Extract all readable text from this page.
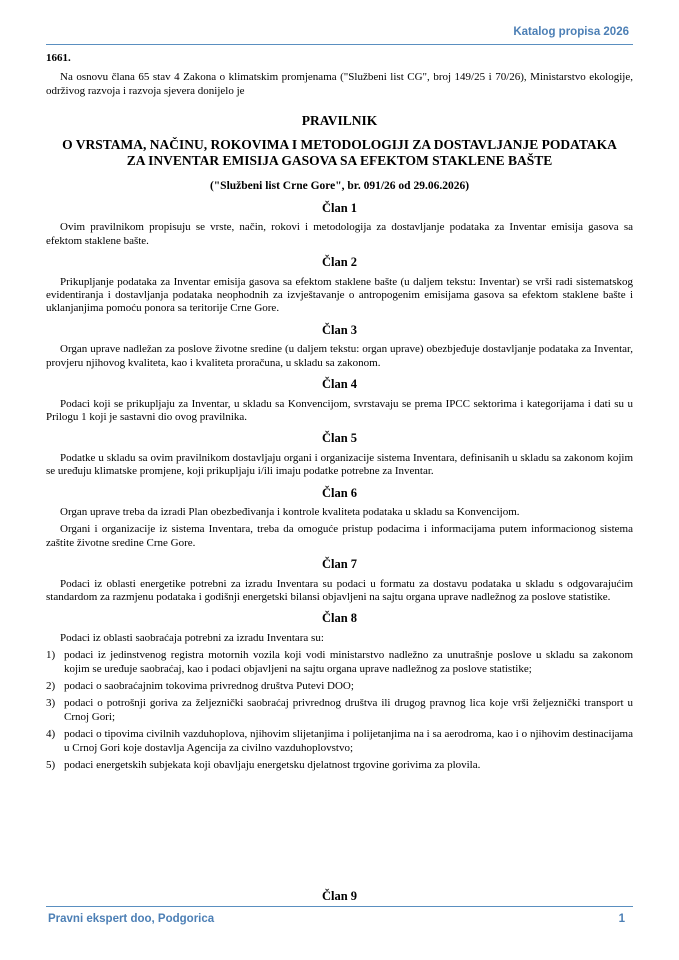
Katalog propisa 2026
1661.

Na osnovu člana 65 stav 4 Zakona o klimatskim promjenama ("Službeni list CG", broj 149/25 i 70/26), Ministarstvo ekologije, održivog razvoja i razvoja sjevera donijelo je

PRAVILNIK
O VRSTAMA, NAČINU, ROKOVIMA I METODOLOGIJI ZA DOSTAVLJANJE PODATAKA ZA INVENTAR EMISIJA GASOVA SA EFEKTOM STAKLENE BAŠTE
("Službeni list Crne Gore", br. 091/26 od 29.06.2026)
Član 1

Ovim pravilnikom propisuju se vrste, način, rokovi i metodologija za dostavljanje podataka za Inventar emisija gasova sa efektom staklene bašte.

Član 2

Prikupljanje podataka za Inventar emisija gasova sa efektom staklene bašte (u daljem tekstu: Inventar) se vrši radi sistematskog evidentiranja i dostavljanja podataka neophodnih za izvještavanje o antropogenim emisijama gasova sa efektom staklene bašte i uklanjanjima pomoću ponora sa teritorije Crne Gore.

Član 3

Organ uprave nadležan za poslove životne sredine (u daljem tekstu: organ uprave) obezbjeđuje dostavljanje podataka za Inventar, provjeru njihovog kvaliteta, kao i kvaliteta proračuna, u skladu sa zakonom.

Član 4

Podaci koji se prikupljaju za Inventar, u skladu sa Konvencijom, svrstavaju se prema IPCC sektorima i kategorijama i dati su u Prilogu 1 koji je sastavni dio ovog pravilnika.

Član 5

Podatke u skladu sa ovim pravilnikom dostavljaju organi i organizacije sistema Inventara, definisanih u skladu sa zakonom kojim se uređuju klimatske promjene, koji prikupljaju i/ili imaju podatke potrebne za Inventar.

Član 6

Organ uprave treba da izradi Plan obezbeđivanja i kontrole kvaliteta podataka u skladu sa Konvencijom.

Organi i organizacije iz sistema Inventara, treba da omoguće pristup podacima i informacijama putem informacionog sistema zaštite životne sredine Crne Gore.

Član 7

Podaci iz oblasti energetike potrebni za izradu Inventara su podaci u formatu za dostavu podataka u skladu s odgovarajućim standardom za razmjenu podataka i godišnji energetski bilansi objavljeni na sajtu organa uprave nadležnog za poslove statistike.

Član 8

Podaci iz oblasti saobraćaja potrebni za izradu Inventara su:

1) podaci iz jedinstvenog registra motornih vozila koji vodi ministarstvo nadležno za unutrašnje poslove u skladu sa zakonom kojim se uređuje saobraćaj, kao i podaci objavljeni na sajtu organa uprave nadležnog za poslove statistike;
2) podaci o saobraćajnim tokovima privrednog društva Putevi DOO;
3) podaci o potrošnji goriva za željeznički saobraćaj privrednog društva ili drugog pravnog lica koje vrši željeznički transport u Crnoj Gori;
4) podaci o tipovima civilnih vazduhoplova, njihovim slijetanjima i polijetanjima na i sa aerodroma, kao i o njihovim destinacijama u Crnoj Gori koje dostavlja Agencija za civilno vazduhoplovstvo;
5) podaci energetskih subjekata koji obavljaju energetsku djelatnost trgovine gorivima za plovila.
Član 9
Pravni ekspert doo, Podgorica	1
